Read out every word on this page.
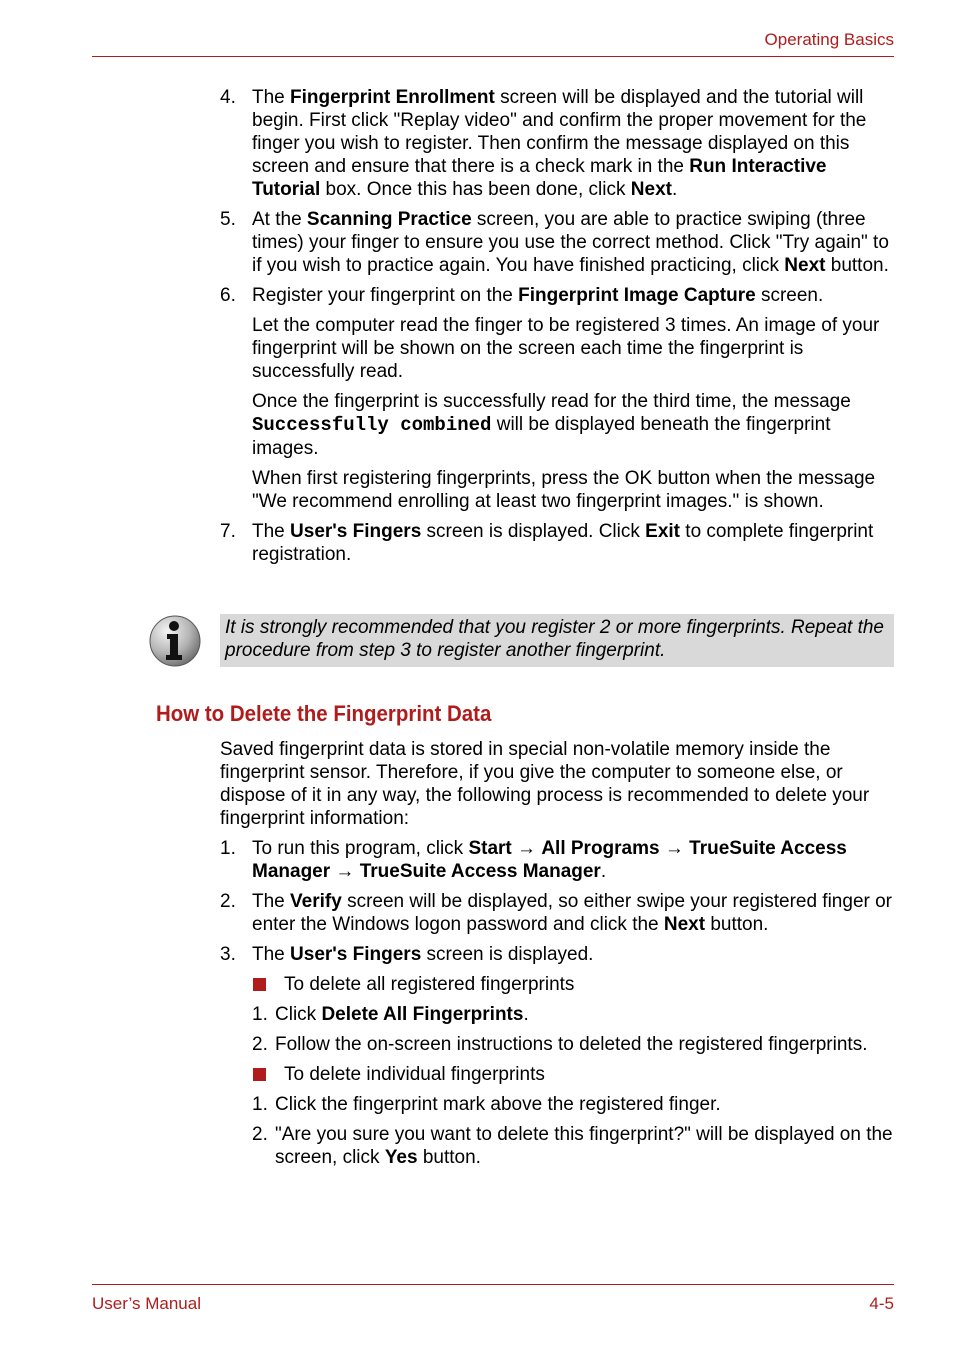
Operating Basics
4. The Fingerprint Enrollment screen will be displayed and the tutorial will begin. First click "Replay video" and confirm the proper movement for the finger you wish to register. Then confirm the message displayed on this screen and ensure that there is a check mark in the Run Interactive Tutorial box. Once this has been done, click Next.
5. At the Scanning Practice screen, you are able to practice swiping (three times) your finger to ensure you use the correct method. Click "Try again" to if you wish to practice again. You have finished practicing, click Next button.
6. Register your fingerprint on the Fingerprint Image Capture screen.
Let the computer read the finger to be registered 3 times. An image of your fingerprint will be shown on the screen each time the fingerprint is successfully read.
Once the fingerprint is successfully read for the third time, the message Successfully combined will be displayed beneath the fingerprint images.
When first registering fingerprints, press the OK button when the message "We recommend enrolling at least two fingerprint images." is shown.
7. The User's Fingers screen is displayed. Click Exit to complete fingerprint registration.
It is strongly recommended that you register 2 or more fingerprints. Repeat the procedure from step 3 to register another fingerprint.
How to Delete the Fingerprint Data
Saved fingerprint data is stored in special non-volatile memory inside the fingerprint sensor. Therefore, if you give the computer to someone else, or dispose of it in any way, the following process is recommended to delete your fingerprint information:
1. To run this program, click Start → All Programs → TrueSuite Access Manager → TrueSuite Access Manager.
2. The Verify screen will be displayed, so either swipe your registered finger or enter the Windows logon password and click the Next button.
3. The User's Fingers screen is displayed.
To delete all registered fingerprints
1. Click Delete All Fingerprints.
2. Follow the on-screen instructions to deleted the registered fingerprints.
To delete individual fingerprints
1. Click the fingerprint mark above the registered finger.
2. "Are you sure you want to delete this fingerprint?" will be displayed on the screen, click Yes button.
User’s Manual	4-5
